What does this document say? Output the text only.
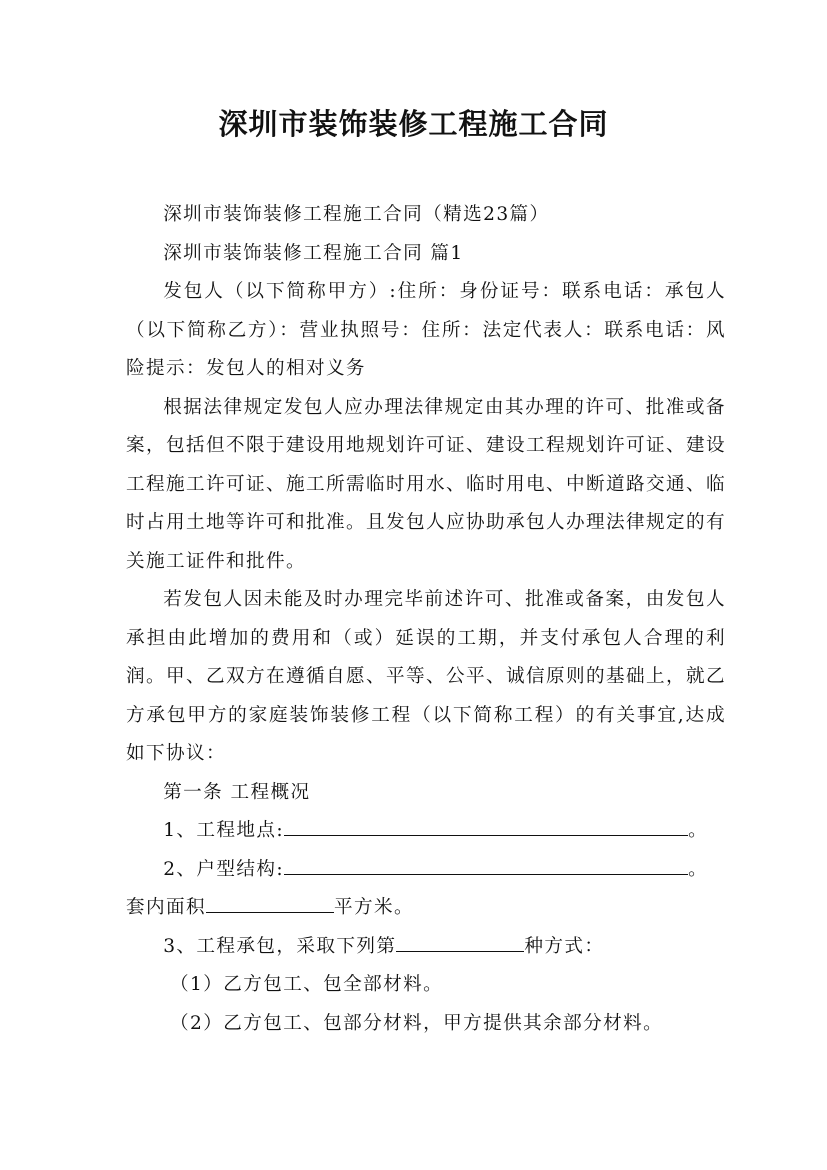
深圳市装饰装修工程施工合同

深圳市装饰装修工程施工合同（精选23篇）

深圳市装饰装修工程施工合同 篇1

发包人（以下简称甲方）:住所：身份证号：联系电话：承包人（以下简称乙方）：营业执照号：住所：法定代表人：联系电话：风险提示：发包人的相对义务

根据法律规定发包人应办理法律规定由其办理的许可、批准或备案，包括但不限于建设用地规划许可证、建设工程规划许可证、建设工程施工许可证、施工所需临时用水、临时用电、中断道路交通、临时占用土地等许可和批准。且发包人应协助承包人办理法律规定的有关施工证件和批件。

若发包人因未能及时办理完毕前述许可、批准或备案，由发包人承担由此增加的费用和（或）延误的工期，并支付承包人合理的利润。甲、乙双方在遵循自愿、平等、公平、诚信原则的基础上，就乙方承包甲方的家庭装饰装修工程（以下简称工程）的有关事宜,达成如下协议：

第一条 工程概况

1、工程地点:	。

2、户型结构:	。

套内面积	平方米。

3、工程承包，采取下列第	种方式：

（1）乙方包工、包全部材料。

（2）乙方包工、包部分材料，甲方提供其余部分材料。
